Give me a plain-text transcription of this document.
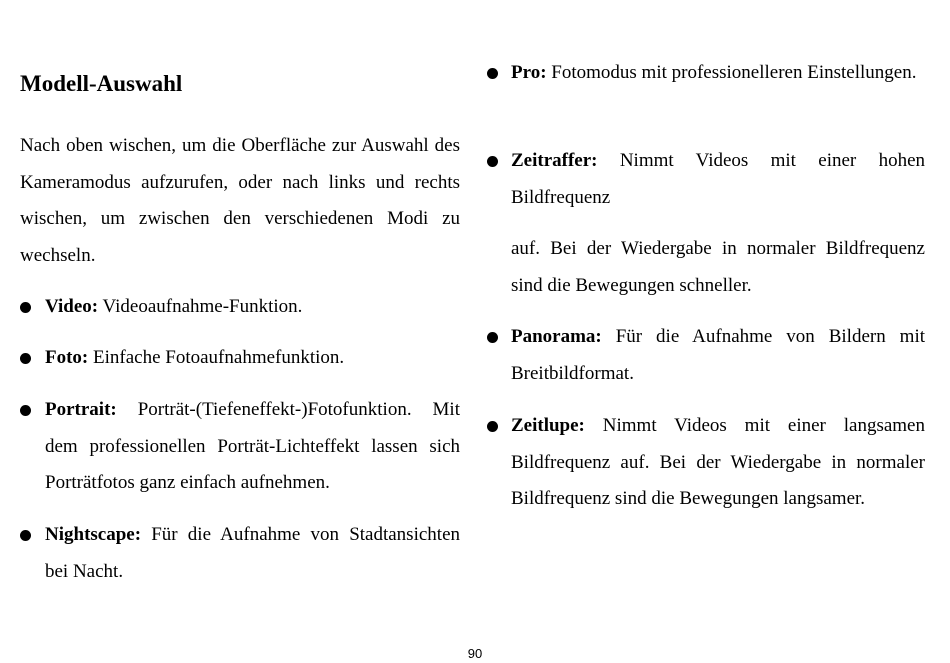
Modell-Auswahl

Nach oben wischen, um die Oberfläche zur Auswahl des Kameramodus aufzurufen, oder nach links und rechts wischen, um zwischen den verschiedenen Modi zu wechseln.

Video: Videoaufnahme-Funktion.
Foto: Einfache Fotoaufnahmefunktion.
Portrait: Porträt-(Tiefeneffekt-)Fotofunktion. Mit dem professionellen Porträt-Lichteffekt lassen sich Porträtfotos ganz einfach aufnehmen.
Nightscape: Für die Aufnahme von Stadtansichten bei Nacht.
Pro: Fotomodus mit professionelleren Einstellungen.
Zeitraffer: Nimmt Videos mit einer hohen Bildfrequenz
auf. Bei der Wiedergabe in normaler Bildfrequenz sind die Bewegungen schneller.
Panorama: Für die Aufnahme von Bildern mit Breitbildformat.
Zeitlupe: Nimmt Videos mit einer langsamen Bildfrequenz auf. Bei der Wiedergabe in normaler Bildfrequenz sind die Bewegungen langsamer.
90
